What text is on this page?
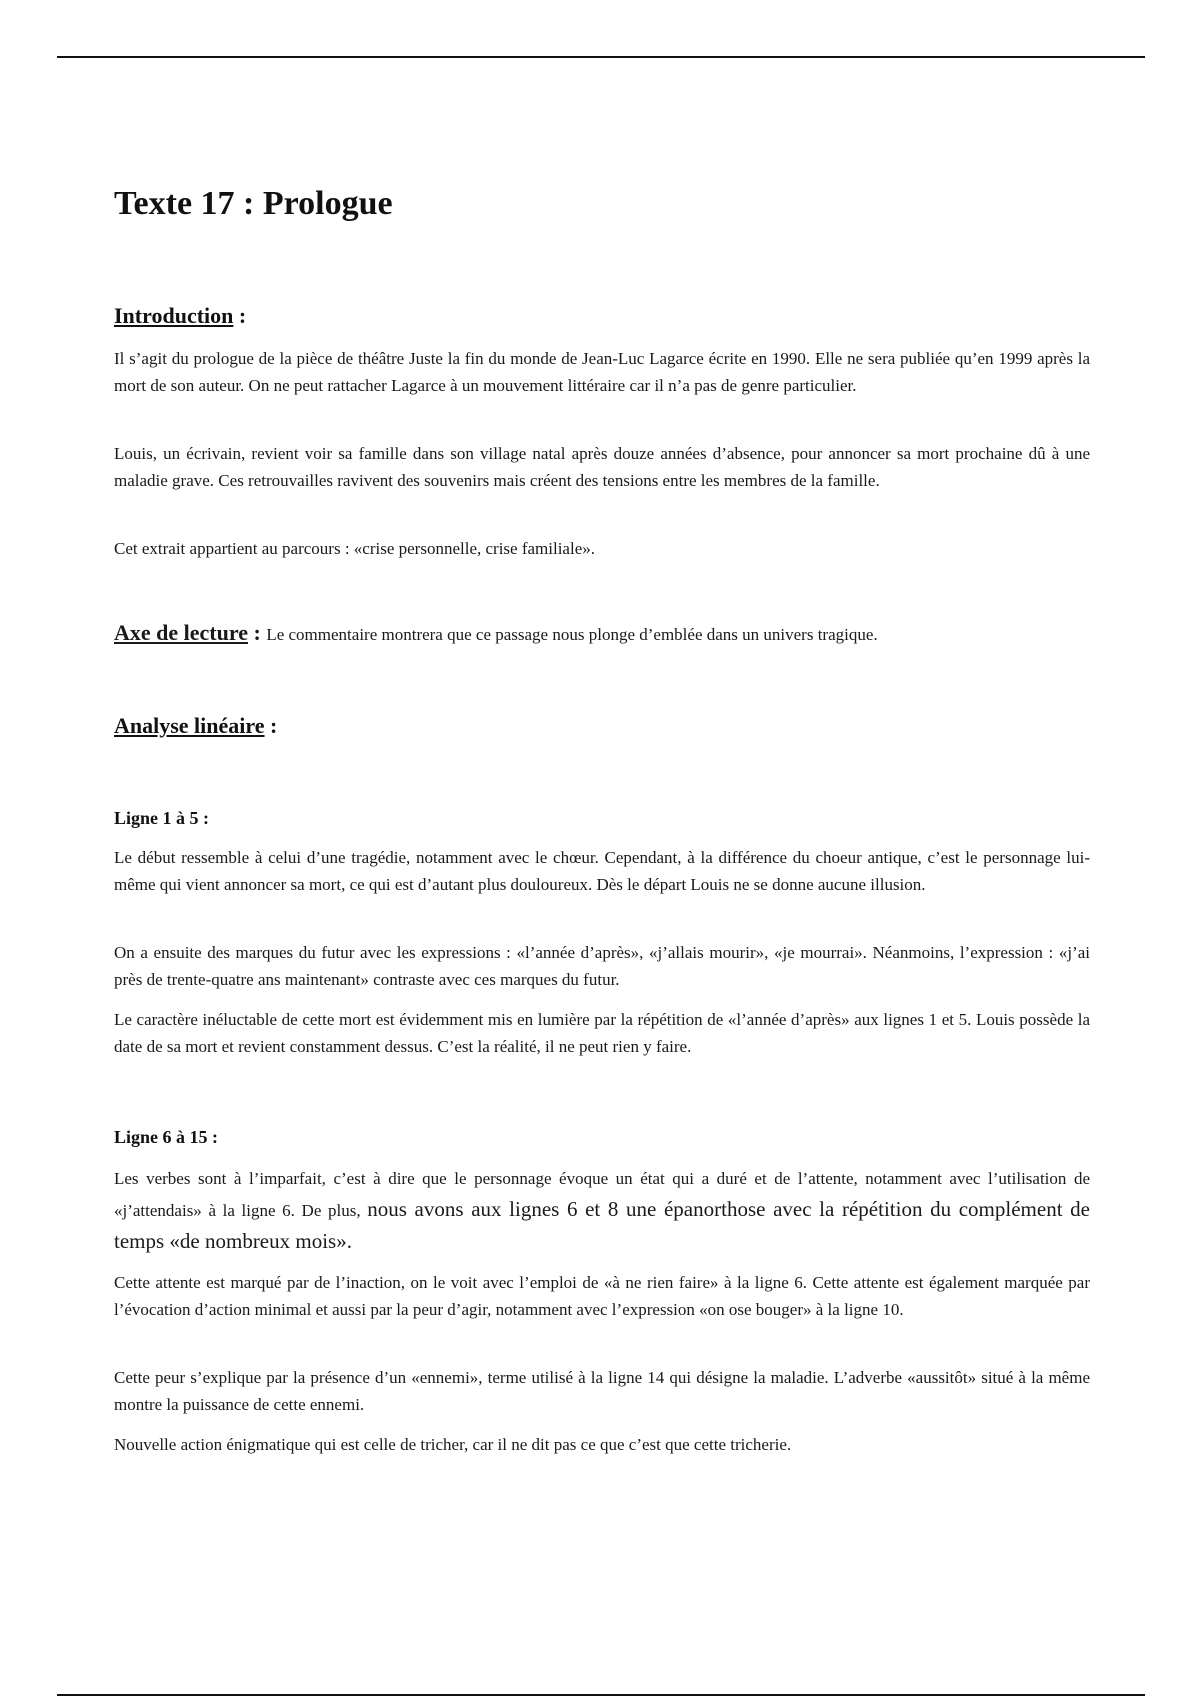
Texte 17 : Prologue
Introduction :

Il s’agit du prologue de la pièce de théâtre Juste la fin du monde de Jean-Luc Lagarce écrite en 1990. Elle ne sera publiée qu’en 1999 après la mort de son auteur. On ne peut rattacher Lagarce à un mouvement littéraire car il n’a pas de genre particulier.

Louis, un écrivain, revient voir sa famille dans son village natal après douze années d’absence, pour annoncer sa mort prochaine dû à une maladie grave. Ces retrouvailles ravivent des souvenirs mais créent des tensions entre les membres de la famille.

Cet extrait appartient au parcours : «crise personnelle, crise familiale».

Axe de lecture : Le commentaire montrera que ce passage nous plonge d’emblée dans un univers tragique.
Analyse linéaire :
Ligne 1 à 5 :

Le début ressemble à celui d’une tragédie, notamment avec le chœur. Cependant, à la différence du choeur antique, c’est le personnage lui-même qui vient annoncer sa mort, ce qui est d’autant plus douloureux. Dès le départ Louis ne se donne aucune illusion.

On a ensuite des marques du futur avec les expressions : «l’année d’après», «j’allais mourir», «je mourrai». Néanmoins, l’expression : «j’ai près de trente-quatre ans maintenant» contraste avec ces marques du futur.

Le caractère inéluctable de cette mort est évidemment mis en lumière par la répétition de «l’année d’après» aux lignes 1 et 5. Louis possède la date de sa mort et revient constamment dessus. C’est la réalité, il ne peut rien y faire.

Ligne 6 à 15 :

Les verbes sont à l’imparfait, c’est à dire que le personnage évoque un état qui a duré et de l’attente, notamment avec l’utilisation de «j’attendais» à la ligne 6. De plus, nous avons aux lignes 6 et 8 une épanorthose avec la répétition du complément de temps «de nombreux mois».

Cette attente est marqué par de l’inaction, on le voit avec l’emploi de «à ne rien faire» à la ligne 6. Cette attente est également marquée par l’évocation d’action minimal et aussi par la peur d’agir, notamment avec l’expression «on ose bouger» à la ligne 10.

Cette peur s’explique par la présence d’un «ennemi», terme utilisé à la ligne 14 qui désigne la maladie. L’adverbe «aussitôt» situé à la même montre la puissance de cette ennemi.

Nouvelle action énigmatique qui est celle de tricher, car il ne dit pas ce que c’est que cette tricherie.
